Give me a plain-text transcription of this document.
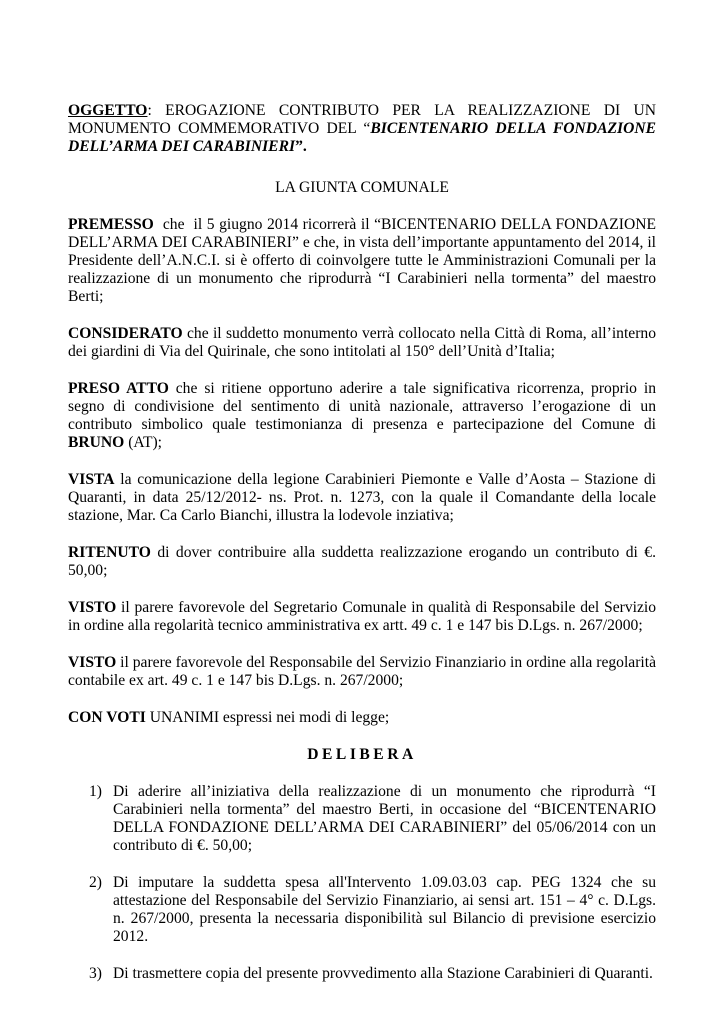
OGGETTO: EROGAZIONE CONTRIBUTO PER LA REALIZZAZIONE DI UN MONUMENTO COMMEMORATIVO DEL “BICENTENARIO DELLA FONDAZIONE DELL’ARMA DEI CARABINIERI”.

LA GIUNTA COMUNALE

PREMESSO  che  il 5 giugno 2014 ricorrerà il “BICENTENARIO DELLA FONDAZIONE DELL’ARMA DEI CARABINIERI” e che, in vista dell’importante appuntamento del 2014, il Presidente dell’A.N.C.I. si è offerto di coinvolgere tutte le Amministrazioni Comunali per la realizzazione di un monumento che riprodurrà “I Carabinieri nella tormenta” del maestro Berti;

CONSIDERATO che il suddetto monumento verrà collocato nella Città di Roma, all’interno dei giardini di Via del Quirinale, che sono intitolati al 150° dell’Unità d’Italia;

PRESO ATTO che si ritiene opportuno aderire a tale significativa ricorrenza, proprio in segno di condivisione del sentimento di unità nazionale, attraverso l’erogazione di un contributo simbolico quale testimonianza di presenza e partecipazione del Comune di BRUNO (AT);

VISTA la comunicazione della legione Carabinieri Piemonte e Valle d’Aosta – Stazione di Quaranti, in data 25/12/2012- ns. Prot. n. 1273, con la quale il Comandante della locale stazione, Mar. Ca Carlo Bianchi, illustra la lodevole inziativa;

RITENUTO di dover contribuire alla suddetta realizzazione erogando un contributo di €. 50,00;

VISTO il parere favorevole del Segretario Comunale in qualità di Responsabile del Servizio in ordine alla regolarità tecnico amministrativa ex artt. 49 c. 1 e 147 bis D.Lgs. n. 267/2000;

VISTO il parere favorevole del Responsabile del Servizio Finanziario in ordine alla regolarità contabile ex art. 49 c. 1 e 147 bis D.Lgs. n. 267/2000;

CON VOTI UNANIMI espressi nei modi di legge;

DELIBERA

1) Di aderire all’iniziativa della realizzazione di un monumento che riprodurrà “I Carabinieri nella tormenta” del maestro Berti, in occasione del “BICENTENARIO DELLA FONDAZIONE DELL’ARMA DEI CARABINIERI” del 05/06/2014 con un contributo di €. 50,00;
2) Di imputare la suddetta spesa all'Intervento 1.09.03.03 cap. PEG 1324 che su attestazione del Responsabile del Servizio Finanziario, ai sensi art. 151 – 4° c. D.Lgs. n. 267/2000, presenta la necessaria disponibilità sul Bilancio di previsione esercizio 2012.
3) Di trasmettere copia del presente provvedimento alla Stazione Carabinieri di Quaranti.
